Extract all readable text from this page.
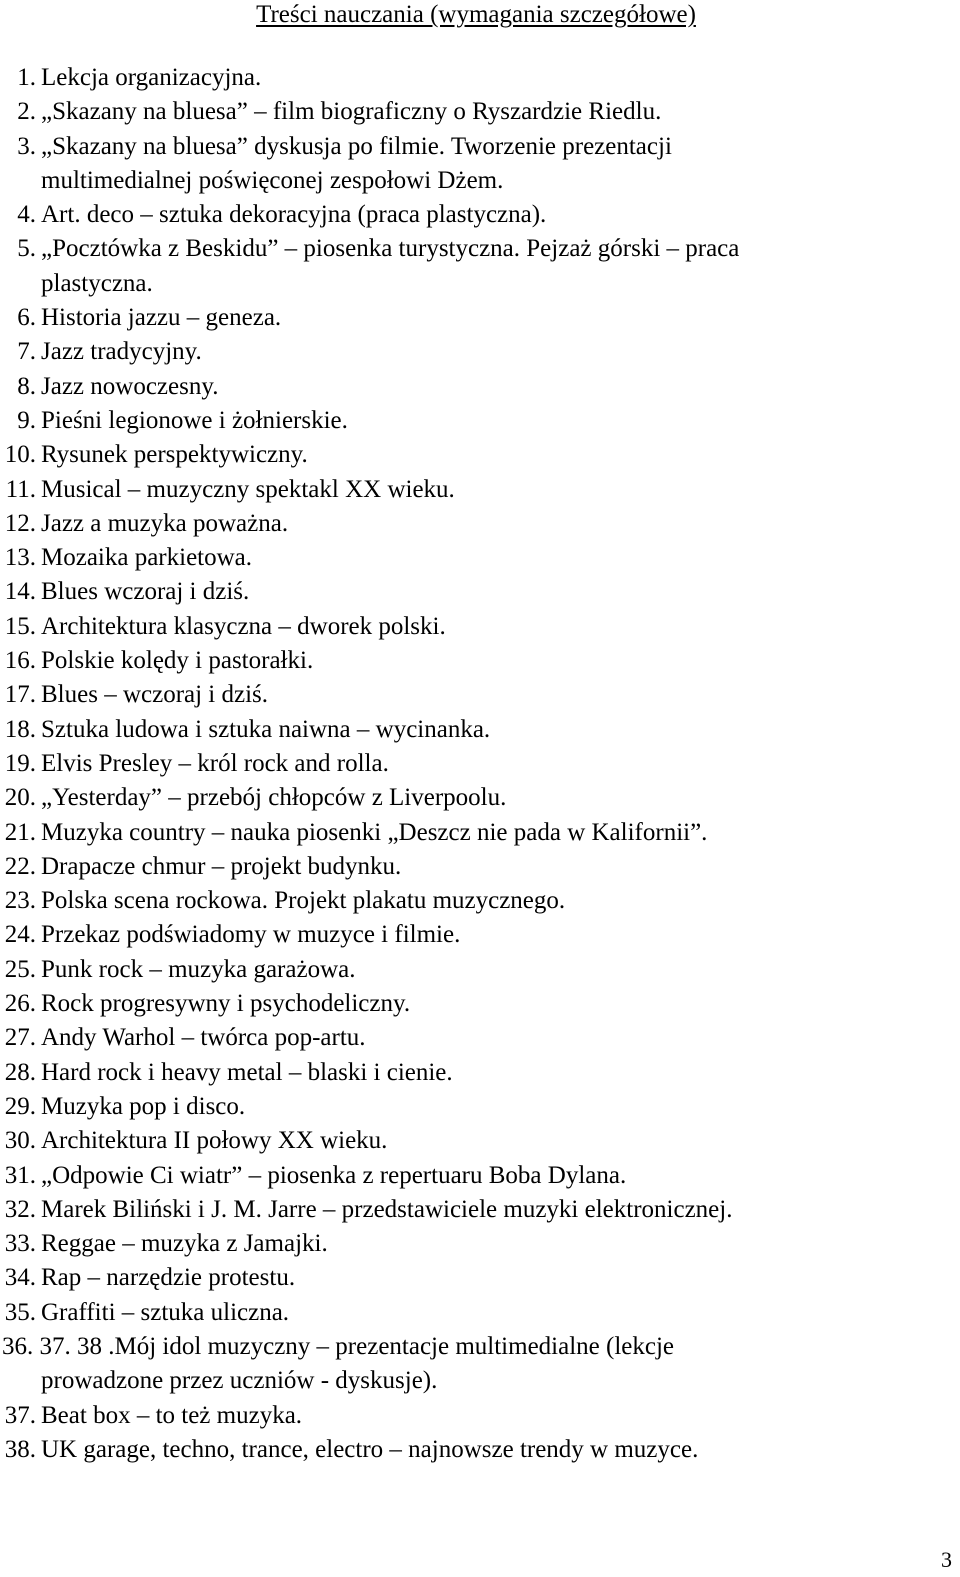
Treści nauczania (wymagania szczegółowe)
1. Lekcja organizacyjna.
2. „Skazany na bluesa” – film biograficzny o Ryszardzie Riedlu.
3. „Skazany na bluesa” dyskusja po filmie. Tworzenie prezentacji
multimedialnej poświęconej zespołowi Dżem.
4. Art. deco – sztuka dekoracyjna (praca plastyczna).
5. „Pocztówka z Beskidu” – piosenka turystyczna. Pejzaż górski – praca
plastyczna.
6. Historia jazzu – geneza.
7. Jazz tradycyjny.
8. Jazz nowoczesny.
9. Pieśni legionowe i żołnierskie.
10. Rysunek perspektywiczny.
11. Musical – muzyczny spektakl XX wieku.
12. Jazz a muzyka poważna.
13. Mozaika parkietowa.
14. Blues wczoraj i dziś.
15. Architektura klasyczna – dworek polski.
16. Polskie kolędy i pastorałki.
17. Blues – wczoraj i dziś.
18. Sztuka ludowa i sztuka naiwna – wycinanka.
19. Elvis Presley – król rock and rolla.
20. „Yesterday” – przebój chłopców z Liverpoolu.
21. Muzyka country – nauka piosenki „Deszcz nie pada w Kalifornii”.
22. Drapacze chmur – projekt budynku.
23. Polska scena rockowa. Projekt plakatu muzycznego.
24. Przekaz podświadomy w muzyce i filmie.
25. Punk rock – muzyka garażowa.
26. Rock progresywny i psychodeliczny.
27. Andy Warhol – twórca pop-artu.
28. Hard rock i heavy metal – blaski i cienie.
29. Muzyka pop i disco.
30. Architektura II połowy XX wieku.
31. „Odpowie Ci wiatr” – piosenka z repertuaru Boba Dylana.
32. Marek Biliński i J. M. Jarre – przedstawiciele muzyki elektronicznej.
33. Reggae – muzyka z Jamajki.
34. Rap – narzędzie protestu.
35. Graffiti – sztuka uliczna.
36. 37. 38 .Mój idol muzyczny – prezentacje multimedialne (lekcje
prowadzone przez uczniów - dyskusje).
37. Beat box – to też muzyka.
38. UK garage, techno, trance, electro – najnowsze trendy w muzyce.
3
